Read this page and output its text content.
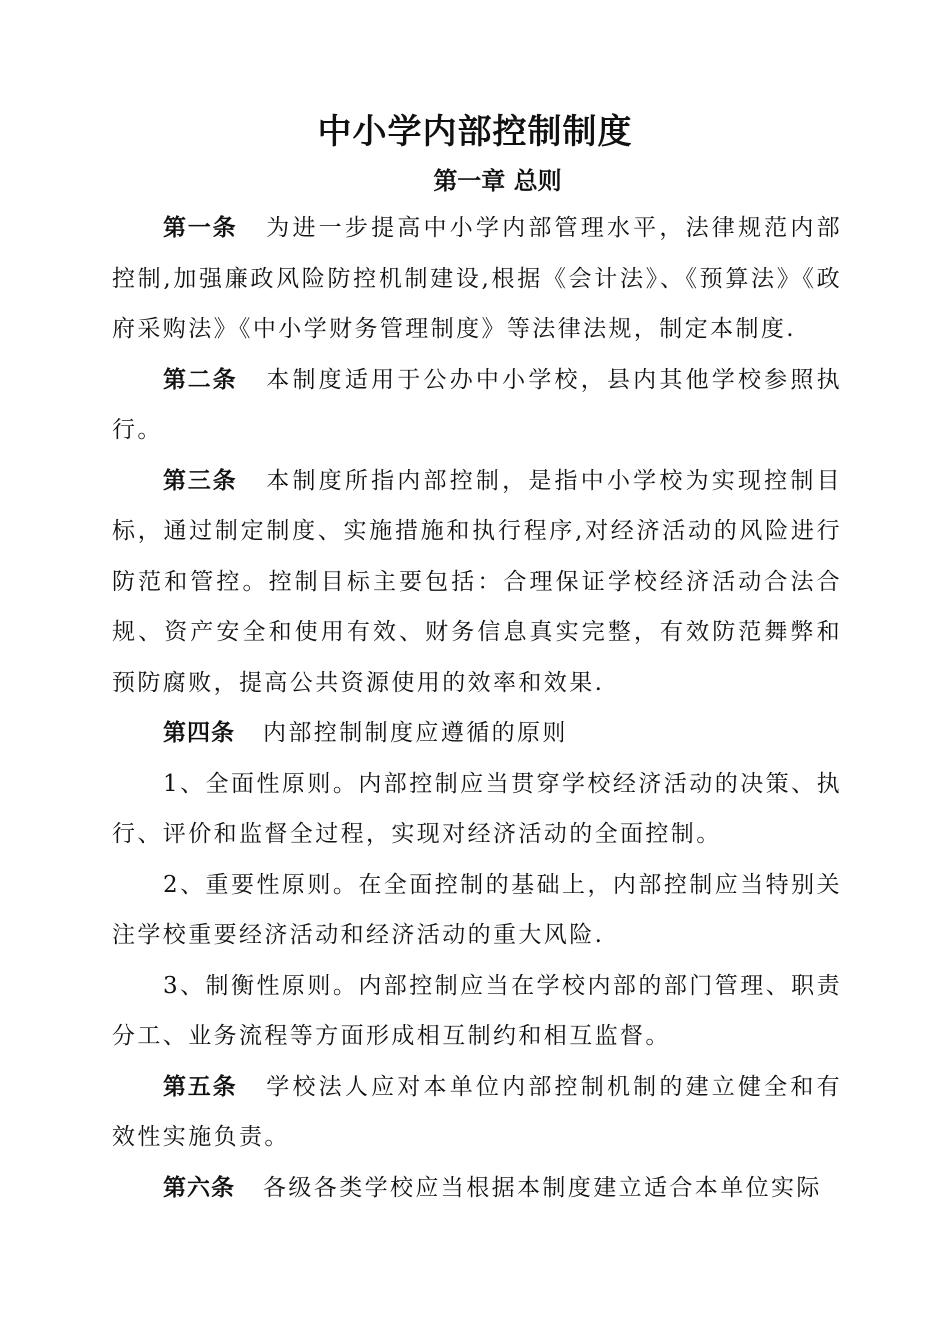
中小学内部控制制度
第一章 总则

第一条 为进一步提高中小学内部管理水平，法律规范内部控制,加强廉政风险防控机制建设,根据《会计法》、《预算法》《政府采购法》《中小学财务管理制度》等法律法规，制定本制度.

第二条 本制度适用于公办中小学校，县内其他学校参照执行。

第三条 本制度所指内部控制，是指中小学校为实现控制目标，通过制定制度、实施措施和执行程序,对经济活动的风险进行防范和管控。控制目标主要包括：合理保证学校经济活动合法合规、资产安全和使用有效、财务信息真实完整，有效防范舞弊和预防腐败，提高公共资源使用的效率和效果.

第四条 内部控制制度应遵循的原则

1、全面性原则。内部控制应当贯穿学校经济活动的决策、执行、评价和监督全过程，实现对经济活动的全面控制。

2、重要性原则。在全面控制的基础上，内部控制应当特别关注学校重要经济活动和经济活动的重大风险.

3、制衡性原则。内部控制应当在学校内部的部门管理、职责分工、业务流程等方面形成相互制约和相互监督。

第五条 学校法人应对本单位内部控制机制的建立健全和有效性实施负责。

第六条 各级各类学校应当根据本制度建立适合本单位实际
